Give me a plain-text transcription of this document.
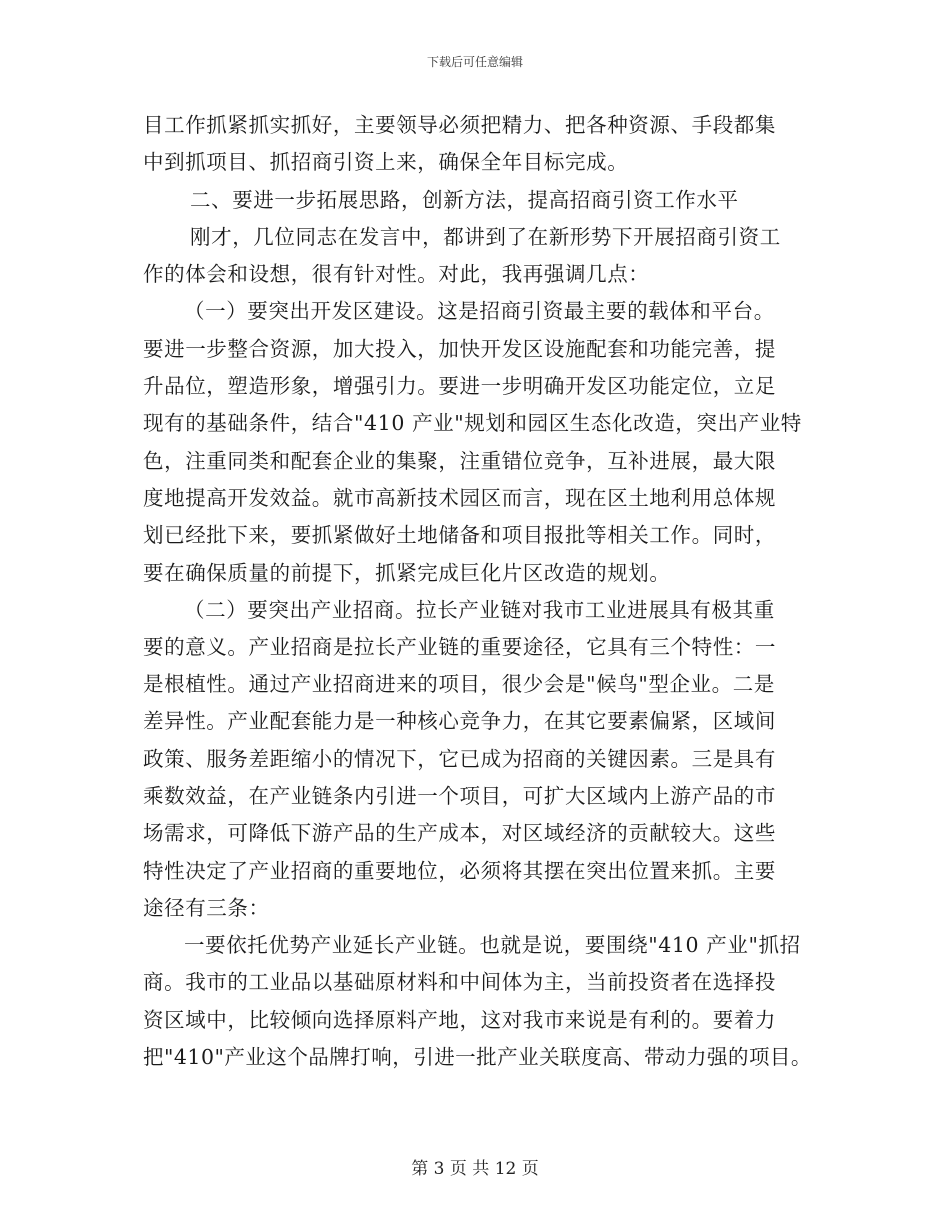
下载后可任意编辑
目工作抓紧抓实抓好，主要领导必须把精力、把各种资源、手段都集
中到抓项目、抓招商引资上来，确保全年目标完成。
二、要进一步拓展思路，创新方法，提高招商引资工作水平
刚才，几位同志在发言中，都讲到了在新形势下开展招商引资工
作的体会和设想，很有针对性。对此，我再强调几点：
（一）要突出开发区建设。这是招商引资最主要的载体和平台。
要进一步整合资源，加大投入，加快开发区设施配套和功能完善，提
升品位，塑造形象，增强引力。要进一步明确开发区功能定位，立足
现有的基础条件，结合"410 产业"规划和园区生态化改造，突出产业特
色，注重同类和配套企业的集聚，注重错位竞争，互补进展，最大限
度地提高开发效益。就市高新技术园区而言，现在区土地利用总体规
划已经批下来，要抓紧做好土地储备和项目报批等相关工作。同时，
要在确保质量的前提下，抓紧完成巨化片区改造的规划。
（二）要突出产业招商。拉长产业链对我市工业进展具有极其重
要的意义。产业招商是拉长产业链的重要途径，它具有三个特性：一
是根植性。通过产业招商进来的项目，很少会是"候鸟"型企业。二是
差异性。产业配套能力是一种核心竞争力，在其它要素偏紧，区域间
政策、服务差距缩小的情况下，它已成为招商的关键因素。三是具有
乘数效益，在产业链条内引进一个项目，可扩大区域内上游产品的市
场需求，可降低下游产品的生产成本，对区域经济的贡献较大。这些
特性决定了产业招商的重要地位，必须将其摆在突出位置来抓。主要
途径有三条：
一要依托优势产业延长产业链。也就是说，要围绕"410 产业"抓招
商。我市的工业品以基础原材料和中间体为主，当前投资者在选择投
资区域中，比较倾向选择原料产地，这对我市来说是有利的。要着力
把"410"产业这个品牌打响，引进一批产业关联度高、带动力强的项目。
第 3 页 共 12 页
